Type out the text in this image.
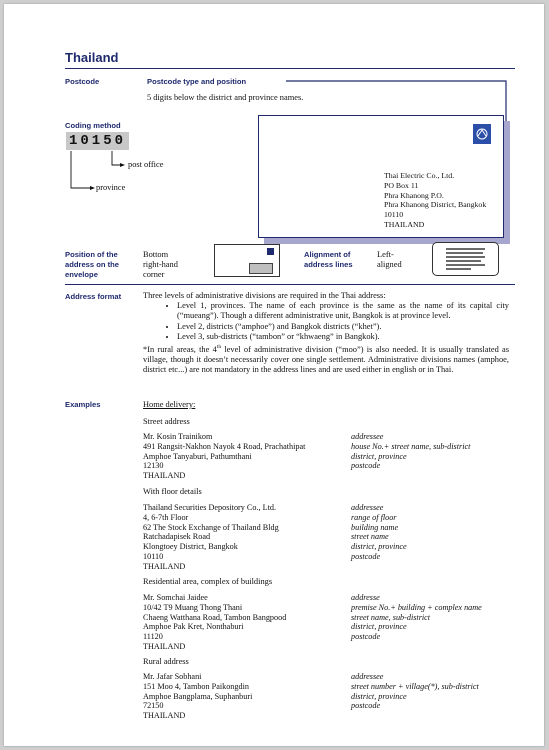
Thailand
Postcode	Postcode type and position
5 digits below the district and province names.
Coding method
10150
post office
province
Thai Electric Co., Ltd.
PO Box 11
Phra Khanong P.O.
Phra Khanong District, Bangkok
10110
THAILAND
Position of the
address on the
envelope
Bottom
right-hand
corner
Alignment of
address lines
Left-
aligned
Address format	Three levels of administrative divisions are required in the Thai address:
• Level 1, provinces. The name of each province is the same as the name of its capital city (“mueang”). Though a different administrative unit, Bangkok is at province level.
• Level 2, districts (“amphoe”) and Bangkok districts (“khet”).
• Level 3, sub-districts (“tambon” or “khwaeng” in Bangkok).
*In rural areas, the 4th level of administrative division (“moo”) is also needed. It is usually translated as village, though it doesn’t necessarily cover one single settlement. Administrative divisions names (amphoe, district etc...) are not mandatory in the address lines and are used either in english or in Thai.
Examples	Home delivery:
Street address
Mr. Kosin Trainikom	addressee
491 Rangsit-Nakhon Nayok 4 Road, Prachathipat	house No.+ street name, sub-district
Amphoe Tanyaburi, Pathumthani	district, province
12130	postcode
THAILAND
With floor details
Thailand Securities Depository Co., Ltd.	addressee
4, 6-7th Floor	range of floor
62 The Stock Exchange of Thailand Bldg	building name
Ratchadapisek Road	street name
Klongtoey District, Bangkok	district, province
10110	postcode
THAILAND
Residential area, complex of buildings
Mr. Somchai Jaidee	addresse
10/42 T9 Muang Thong Thani	premise No.+ building + complex name
Chaeng Watthana Road, Tambon Bangpood	street name, sub-district
Amphoe Pak Kret, Nonthaburi	district, province
11120	postcode
THAILAND
Rural address
Mr. Jafar Sobhani	addressee
151 Moo 4, Tambon Paikongdin	street number + village(*), sub-district
Amphoe Bangplama, Suphanburi	district, province
72150	postcode
THAILAND
